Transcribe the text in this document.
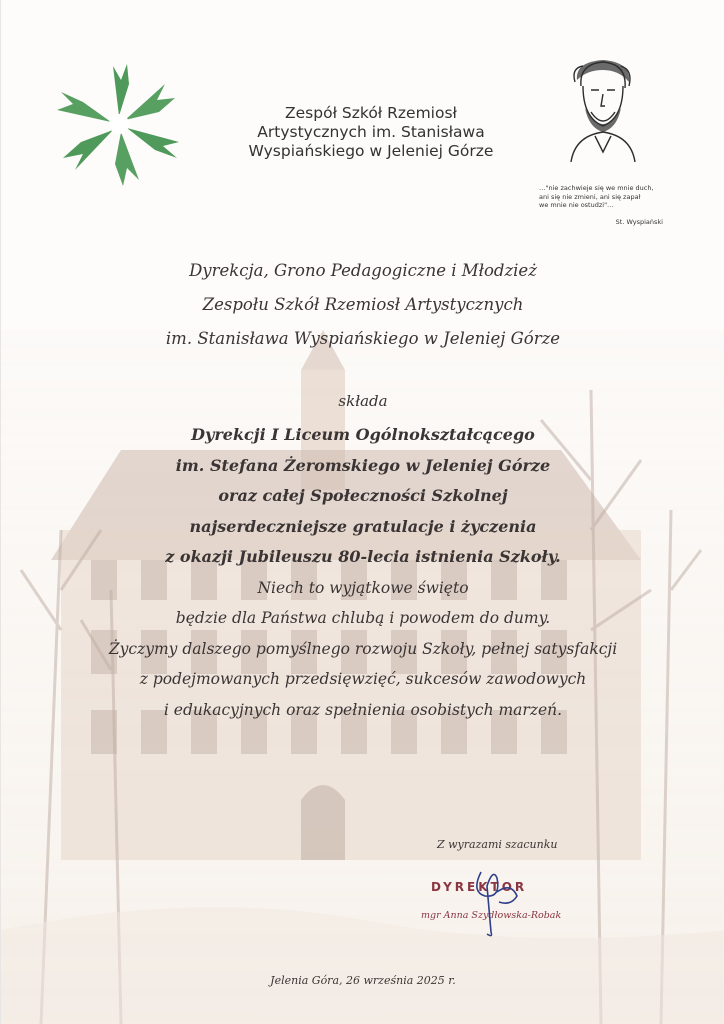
Zespół Szkół Rzemiosł
Artystycznych im. Stanisława
Wyspiańskiego w Jeleniej Górze
…"nie zachwieje się we mnie duch,
ani się nie zmieni, ani się zapał
we mnie nie ostudzi"…
St. Wyspiański
Dyrekcja, Grono Pedagogiczne i Młodzież
Zespołu Szkół Rzemiosł Artystycznych
im. Stanisława Wyspiańskiego w Jeleniej Górze
składa
Dyrekcji I Liceum Ogólnokształcącego
im. Stefana Żeromskiego w Jeleniej Górze
oraz całej Społeczności Szkolnej
najserdeczniejsze gratulacje i życzenia
z okazji Jubileuszu 80-lecia istnienia Szkoły.
Niech to wyjątkowe święto
będzie dla Państwa chlubą i powodem do dumy.
Życzymy dalszego pomyślnego rozwoju Szkoły, pełnej satysfakcji
z podejmowanych przedsięwzięć, sukcesów zawodowych
i edukacyjnych oraz spełnienia osobistych marzeń.
Z wyrazami szacunku
DYREKTOR
mgr Anna Szydłowska-Robak
Jelenia Góra, 26 września 2025 r.
